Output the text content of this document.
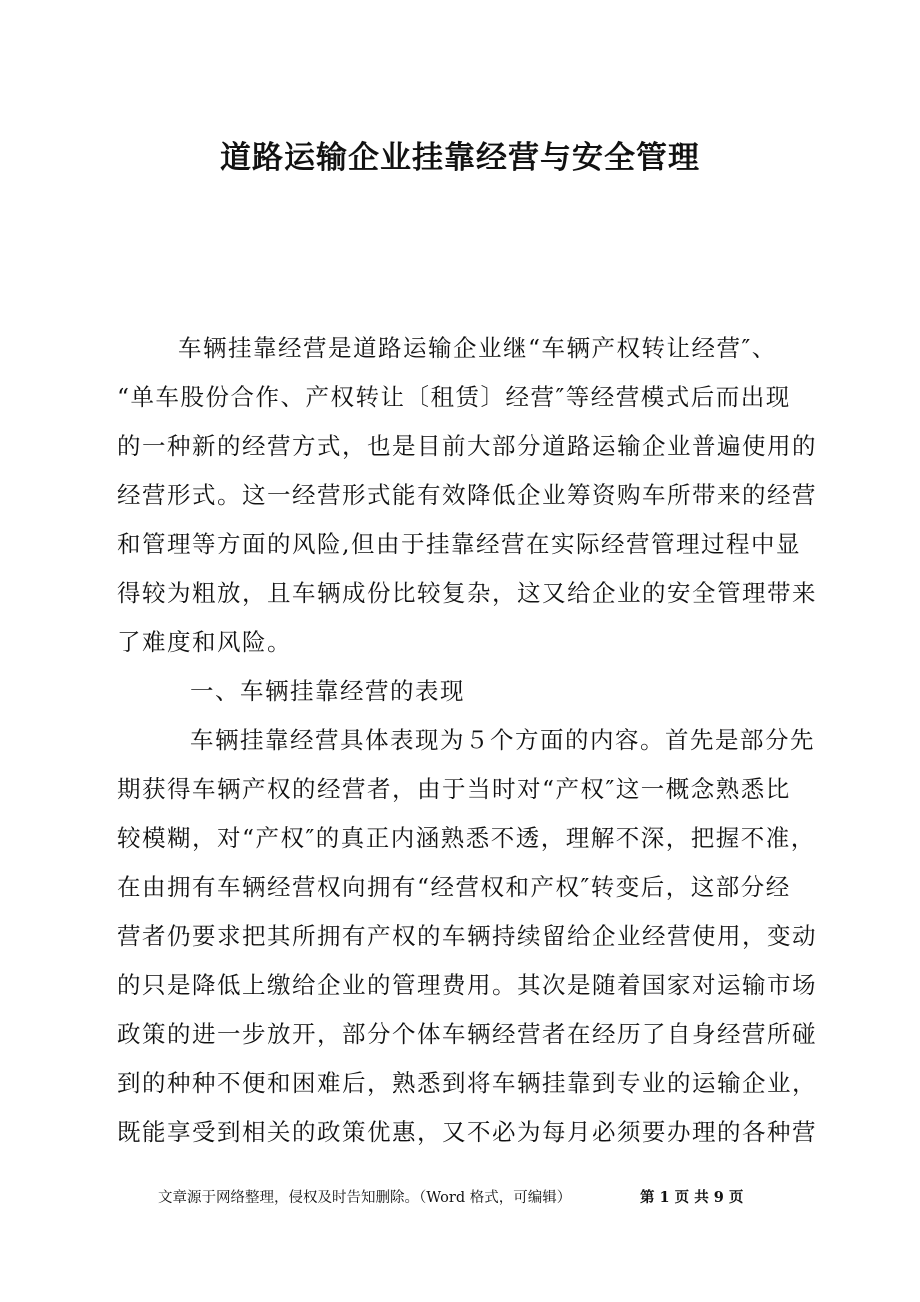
道路运输企业挂靠经营与安全管理

车辆挂靠经营是道路运输企业继“车辆产权转让经营″、

“单车股份合作、产权转让〔租赁〕经营″等经营模式后而出现

的一种新的经营方式，也是目前大部分道路运输企业普遍使用的

经营形式。这一经营形式能有效降低企业筹资购车所带来的经营

和管理等方面的风险,但由于挂靠经营在实际经营管理过程中显

得较为粗放，且车辆成份比较复杂，这又给企业的安全管理带来

了难度和风险。

一、车辆挂靠经营的表现

车辆挂靠经营具体表现为５个方面的内容。首先是部分先

期获得车辆产权的经营者，由于当时对“产权″这一概念熟悉比

较模糊，对“产权″的真正内涵熟悉不透，理解不深，把握不准，

在由拥有车辆经营权向拥有“经营权和产权″转变后，这部分经

营者仍要求把其所拥有产权的车辆持续留给企业经营使用，变动

的只是降低上缴给企业的管理费用。其次是随着国家对运输市场

政策的进一步放开，部分个体车辆经营者在经历了自身经营所碰

到的种种不便和困难后，熟悉到将车辆挂靠到专业的运输企业，

既能享受到相关的政策优惠，又不必为每月必须要办理的各种营

文章源于网络整理，侵权及时告知删除。（Word 格式，可编辑）	第 1 页 共 9 页
